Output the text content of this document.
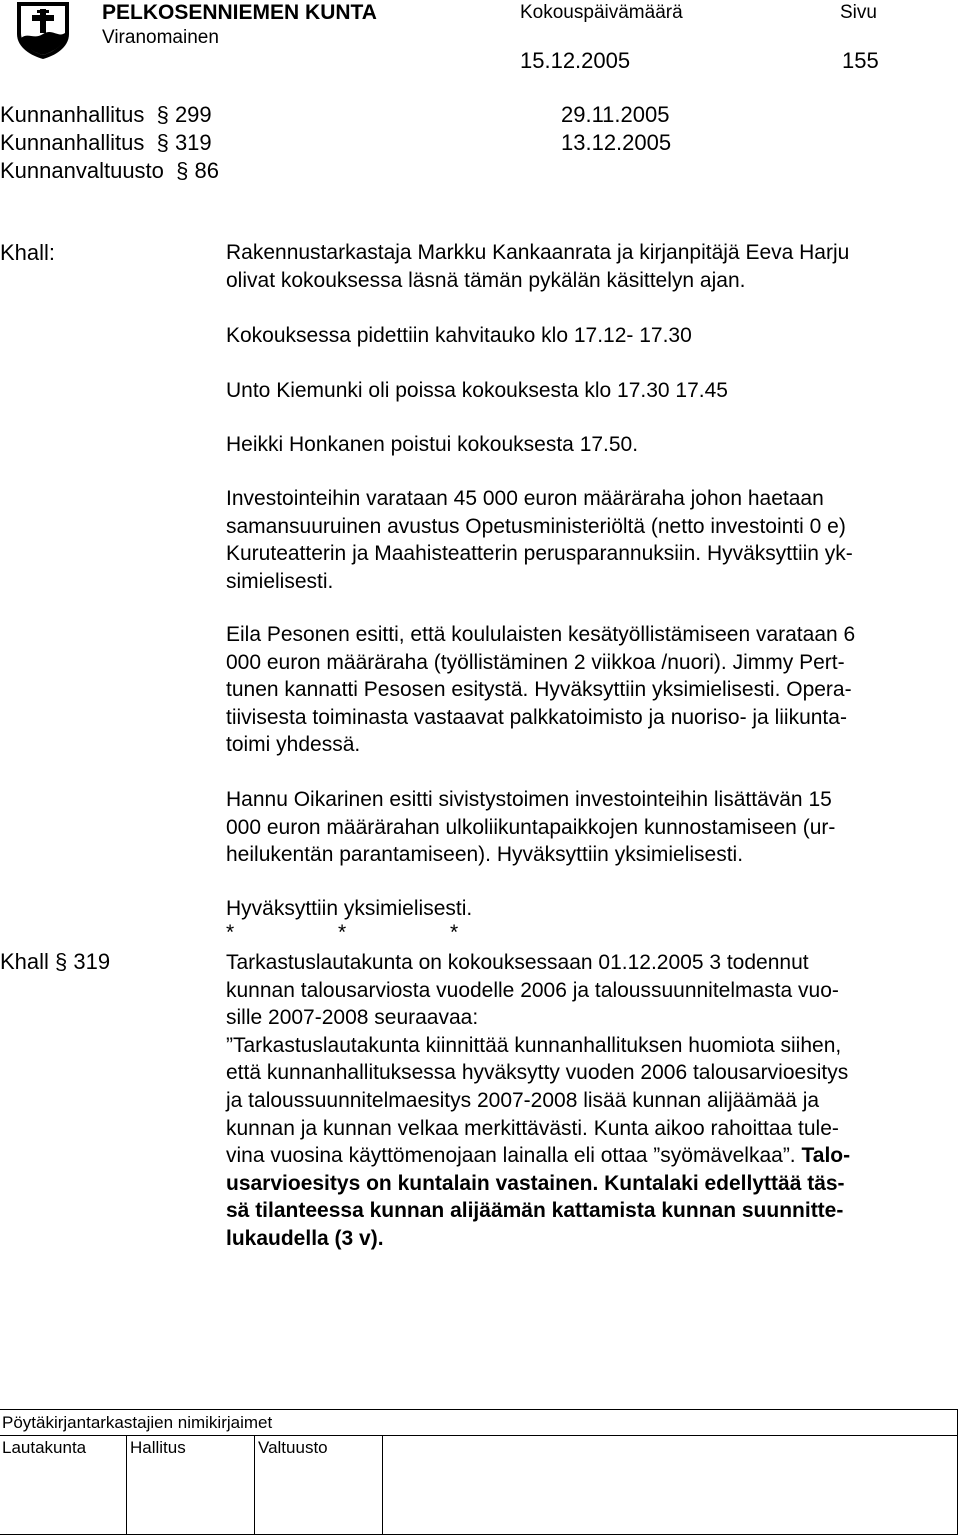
PELKOSENNIEMEN KUNTA
Viranomainen
Kokouspäivämäärä	Sivu
15.12.2005	155
Kunnanhallitus  § 299	29.11.2005
Kunnanhallitus  § 319	13.12.2005
Kunnanvaltuusto  § 86
Khall:	Rakennustarkastaja Markku Kankaanrata ja kirjanpitäjä Eeva Harju
olivat kokouksessa läsnä tämän pykälän käsittelyn ajan.
Kokouksessa pidettiin kahvitauko klo 17.12- 17.30
Unto Kiemunki oli poissa kokouksesta klo 17.30 17.45
Heikki Honkanen poistui kokouksesta 17.50.
Investointeihin varataan 45 000 euron määräraha johon haetaan
samansuuruinen avustus Opetusministeriöltä (netto investointi 0 e)
Kuruteatterin ja Maahisteatterin perusparannuksiin. Hyväksyttiin yk-
simielisesti.
Eila Pesonen esitti, että koululaisten kesätyöllistämiseen varataan 6
000 euron määräraha (työllistäminen 2 viikkoa /nuori). Jimmy Pert-
tunen kannatti Pesosen esitystä. Hyväksyttiin yksimielisesti. Opera-
tiivisesta toiminasta vastaavat palkkatoimisto ja nuoriso- ja liikunta-
toimi yhdessä.
Hannu Oikarinen esitti sivistystoimen investointeihin lisättävän 15
000 euron määrärahan ulkoliikuntapaikkojen kunnostamiseen (ur-
heilukentän parantamiseen). Hyväksyttiin yksimielisesti.
Hyväksyttiin yksimielisesti.
*	*	*
Khall § 319	Tarkastuslautakunta on kokouksessaan 01.12.2005 3 todennut
kunnan talousarviosta vuodelle 2006 ja taloussuunnitelmasta vuo-
sille 2007-2008 seuraavaa:
”Tarkastuslautakunta kiinnittää kunnanhallituksen huomiota siihen,
että kunnanhallituksessa hyväksytty vuoden 2006 talousarvioesitys
ja taloussuunnitelmaesitys 2007-2008 lisää kunnan alijäämää ja
kunnan ja kunnan velkaa merkittävästi. Kunta aikoo rahoittaa tule-
vina vuosina käyttömenojaan lainalla eli ottaa ”syömävelkaa”. Talo-
usarvioesitys on kuntalain vastainen. Kuntalaki edellyttää täs-
sä tilanteessa kunnan alijäämän kattamista kunnan suunnitte-
lukaudella (3 v).
Pöytäkirjantarkastajien nimikirjaimet
Lautakunta	Hallitus	Valtuusto
